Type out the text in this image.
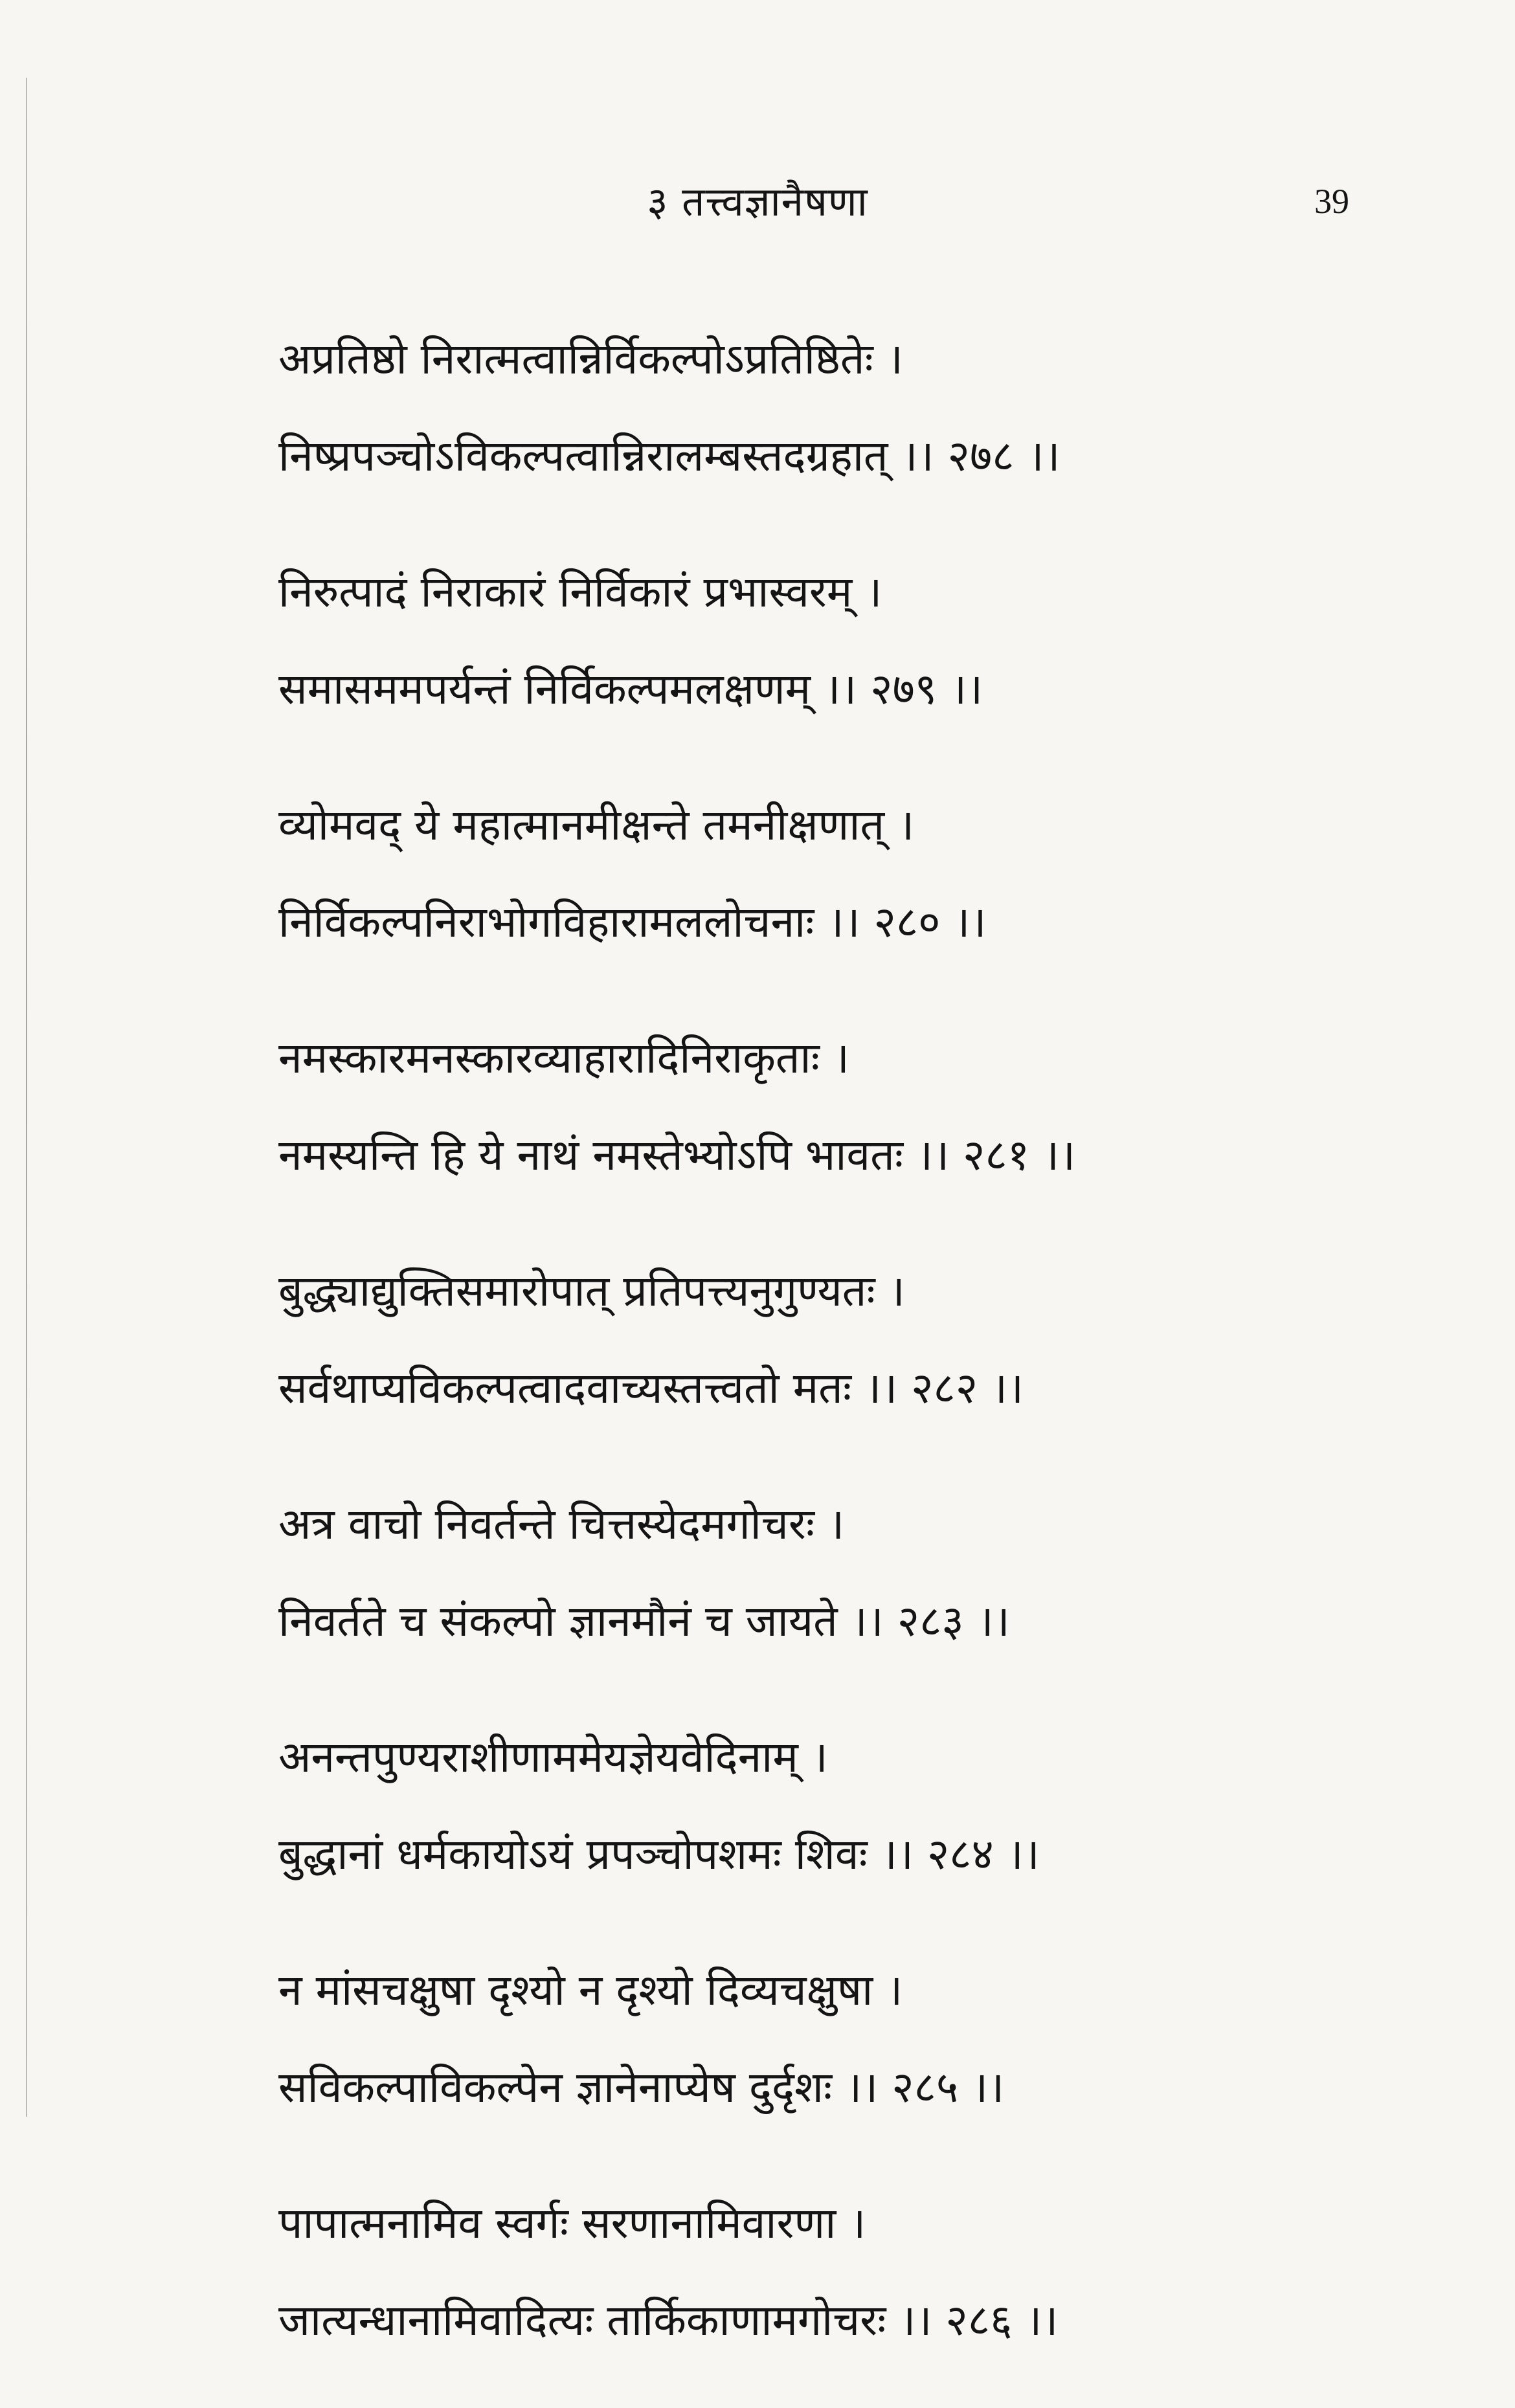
३ तत्त्वज्ञानैषणा	39
अप्रतिष्ठो निरात्मत्वान्निर्विकल्पोऽप्रतिष्ठितेः ।
निष्प्रपञ्चोऽविकल्पत्वान्निरालम्बस्तदग्रहात् ।। २७८ ।।
निरुत्पादं निराकारं निर्विकारं प्रभास्वरम् ।
समासममपर्यन्तं निर्विकल्पमलक्षणम् ।। २७९ ।।
व्योमवद् ये महात्मानमीक्षन्ते तमनीक्षणात् ।
निर्विकल्पनिराभोगविहारामललोचनाः ।। २८० ।।
नमस्कारमनस्कारव्याहारादिनिराकृताः ।
नमस्यन्ति हि ये नाथं नमस्तेभ्योऽपि भावतः ।। २८१ ।।
बुद्ध्याद्युक्तिसमारोपात् प्रतिपत्त्यनुगुण्यतः ।
सर्वथाप्यविकल्पत्वादवाच्यस्तत्त्वतो मतः ।। २८२ ।।
अत्र वाचो निवर्तन्ते चित्तस्येदमगोचरः ।
निवर्तते च संकल्पो ज्ञानमौनं च जायते ।। २८३ ।।
अनन्तपुण्यराशीणाममेयज्ञेयवेदिनाम् ।
बुद्धानां धर्मकायोऽयं प्रपञ्चोपशमः शिवः ।। २८४ ।।
न मांसचक्षुषा दृश्यो न दृश्यो दिव्यचक्षुषा ।
सविकल्पाविकल्पेन ज्ञानेनाप्येष दुर्दृशः ।। २८५ ।।
पापात्मनामिव स्वर्गः सरणानामिवारणा ।
जात्यन्धानामिवादित्यः तार्किकाणामगोचरः ।। २८६ ।।
